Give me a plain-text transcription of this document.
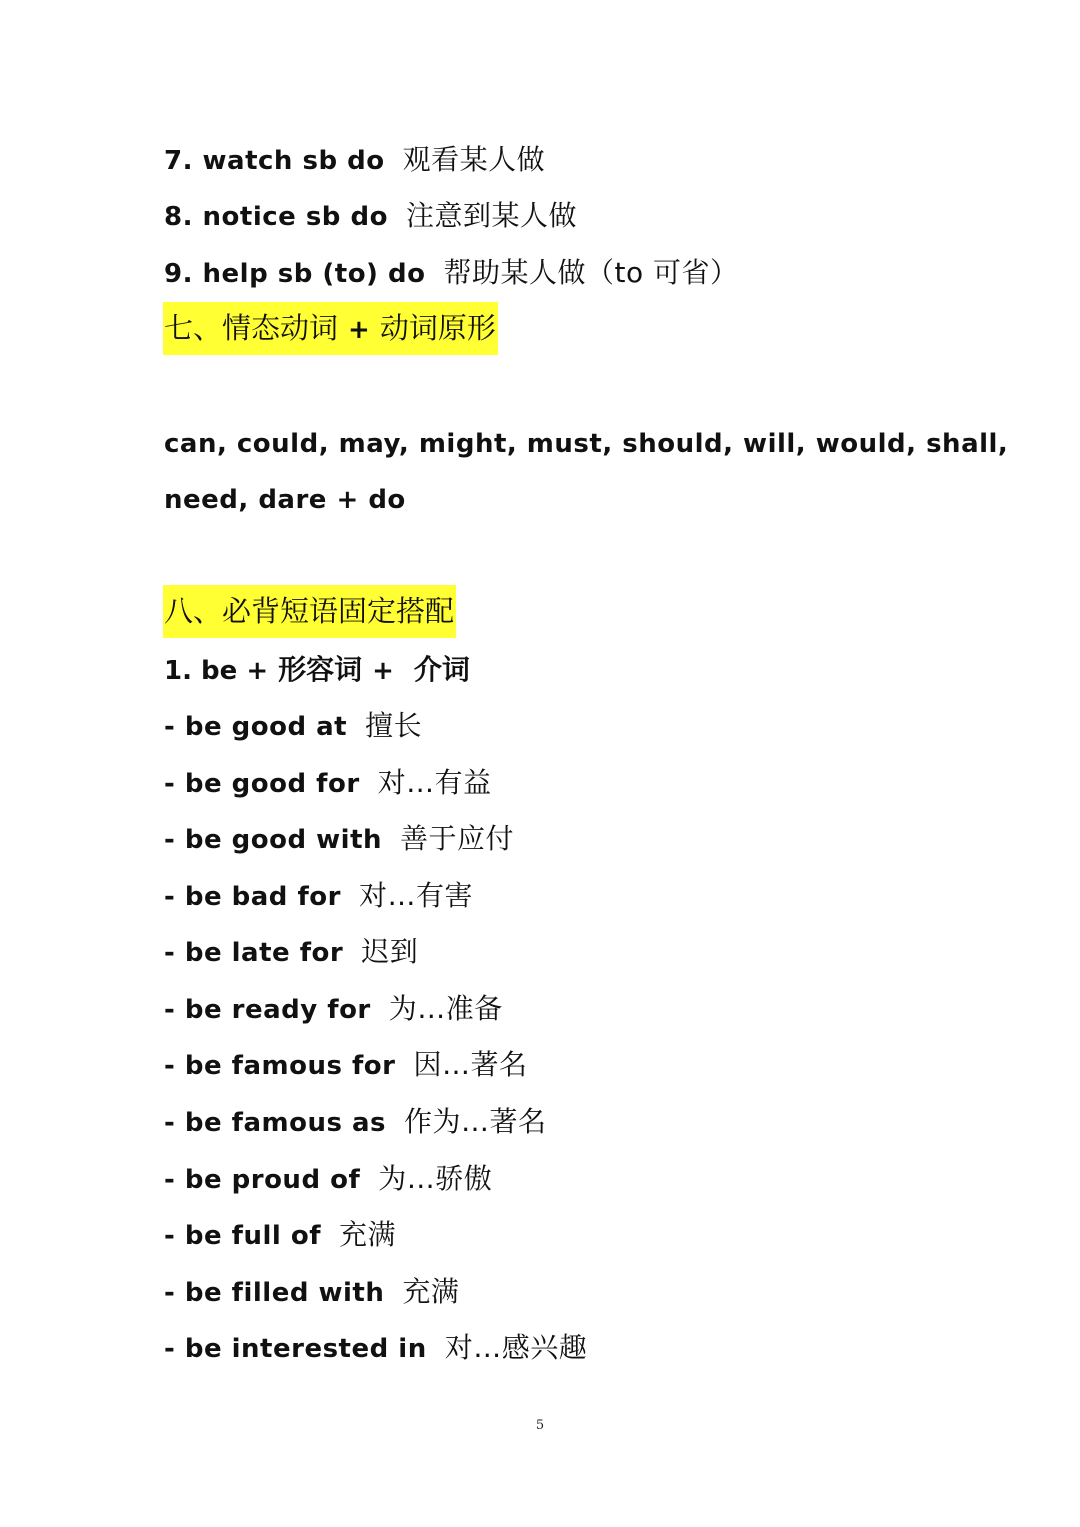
7. watch sb do 观看某人做
8. notice sb do 注意到某人做
9. help sb (to) do 帮助某人做（to 可省）
七、情态动词 + 动词原形
can, could, may, might, must, should, will, would, shall,
need, dare + do
八、必背短语固定搭配
1. be + 形容词 + 介词
- be good at 擅长
- be good for 对…有益
- be good with 善于应付
- be bad for 对…有害
- be late for 迟到
- be ready for 为…准备
- be famous for 因…著名
- be famous as 作为…著名
- be proud of 为…骄傲
- be full of 充满
- be filled with 充满
- be interested in 对…感兴趣
5
